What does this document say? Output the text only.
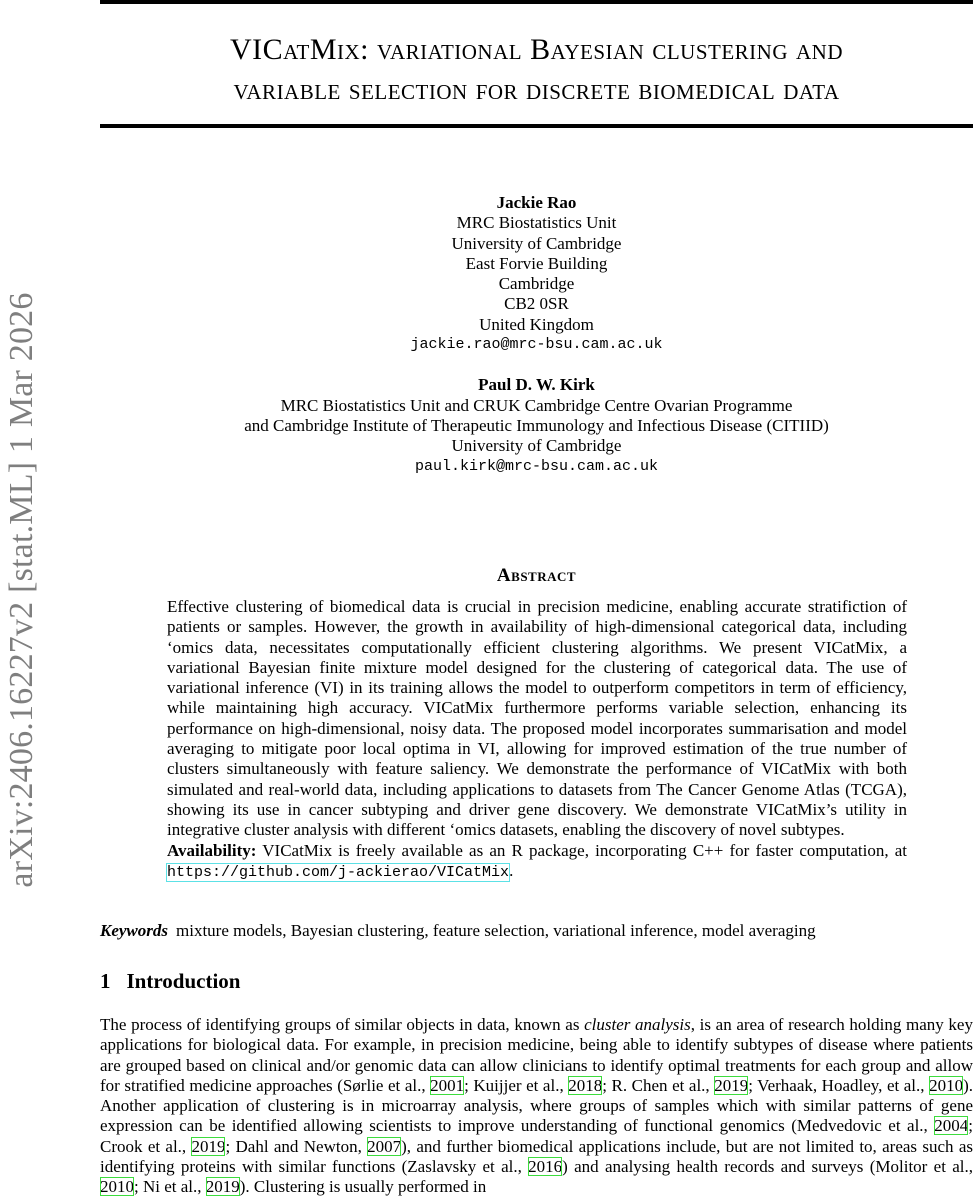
VICatMix: variational Bayesian clustering and
variable selection for discrete biomedical data
arXiv:2406.16227v2 [stat.ML] 1 Mar 2026
Jackie Rao
MRC Biostatistics Unit
University of Cambridge
East Forvie Building
Cambridge
CB2 0SR
United Kingdom
jackie.rao@mrc-bsu.cam.ac.uk
Paul D. W. Kirk
MRC Biostatistics Unit and CRUK Cambridge Centre Ovarian Programme
and Cambridge Institute of Therapeutic Immunology and Infectious Disease (CITIID)
University of Cambridge
paul.kirk@mrc-bsu.cam.ac.uk
Abstract

Effective clustering of biomedical data is crucial in precision medicine, enabling accurate stratifiction of patients or samples. However, the growth in availability of high-dimensional categorical data, including ‘omics data, necessitates computationally efficient clustering algorithms. We present VICatMix, a variational Bayesian finite mixture model designed for the clustering of categorical data. The use of variational inference (VI) in its training allows the model to outperform competitors in term of efficiency, while maintaining high accuracy. VICatMix furthermore performs variable selection, enhancing its performance on high-dimensional, noisy data. The proposed model incorporates summarisation and model averaging to mitigate poor local optima in VI, allowing for improved estimation of the true number of clusters simultaneously with feature saliency. We demonstrate the performance of VICatMix with both simulated and real-world data, including applications to datasets from The Cancer Genome Atlas (TCGA), showing its use in cancer subtyping and driver gene discovery. We demonstrate VICatMix’s utility in integrative cluster analysis with different ‘omics datasets, enabling the discovery of novel subtypes.

Availability: VICatMix is freely available as an R package, incorporating C++ for faster computation, at https://github.com/j-ackierao/VICatMix.

Keywords mixture models, Bayesian clustering, feature selection, variational inference, model averaging
1 Introduction
The process of identifying groups of similar objects in data, known as cluster analysis, is an area of research holding many key applications for biological data. For example, in precision medicine, being able to identify subtypes of disease where patients are grouped based on clinical and/or genomic data can allow clinicians to identify optimal treatments for each group and allow for stratified medicine approaches (Sørlie et al., 2001; Kuijjer et al., 2018; R. Chen et al., 2019; Verhaak, Hoadley, et al., 2010). Another application of clustering is in microarray analysis, where groups of samples which with similar patterns of gene expression can be identified allowing scientists to improve understanding of functional genomics (Medvedovic et al., 2004; Crook et al., 2019; Dahl and Newton, 2007), and further biomedical applications include, but are not limited to, areas such as identifying proteins with similar functions (Zaslavsky et al., 2016) and analysing health records and surveys (Molitor et al., 2010; Ni et al., 2019). Clustering is usually performed in
